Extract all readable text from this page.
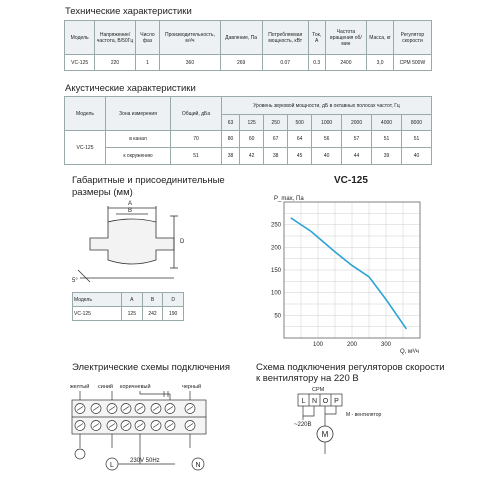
Технические характеристики
Модель	Напряжение/ частота, В/50Гц	Число фаз	Производительность, м³/ч	Давление, Па	Потребляемая мощность, кВт	Ток, А	Частота вращения об/мин	Масса, кг	Регулятор скорости
VC-125	220	1	360	269	0.07	0.3	2400	3,0	CPM 500W
Акустические характеристики
Модель	Зона измерения	Общий, дБа	Уровень звуковой мощности, дБ в октавных полосах частот, Гц							
			63	125	250	500	1000	2000	4000	8000
VC-125	в канал	70	80	60	67	64	56	57	51	51
	к окружению	51	38	42	38	45	40	44	39	40
Габаритные и присоединительные
размеры (мм)
A
B
D
5°
Модель	A	B	D
VC-125	125	242	190
VC-125
100	200	300
50
100
150
200
250
P_max, Па
Q, м³/ч
Электрические схемы подключения
желтый синий коричневый	черный
L	N
230V 50Hz
Схема подключения регуляторов скорости
к вентилятору на 220 В
CPM
L N O P
~220В
M
M - вентилятор
